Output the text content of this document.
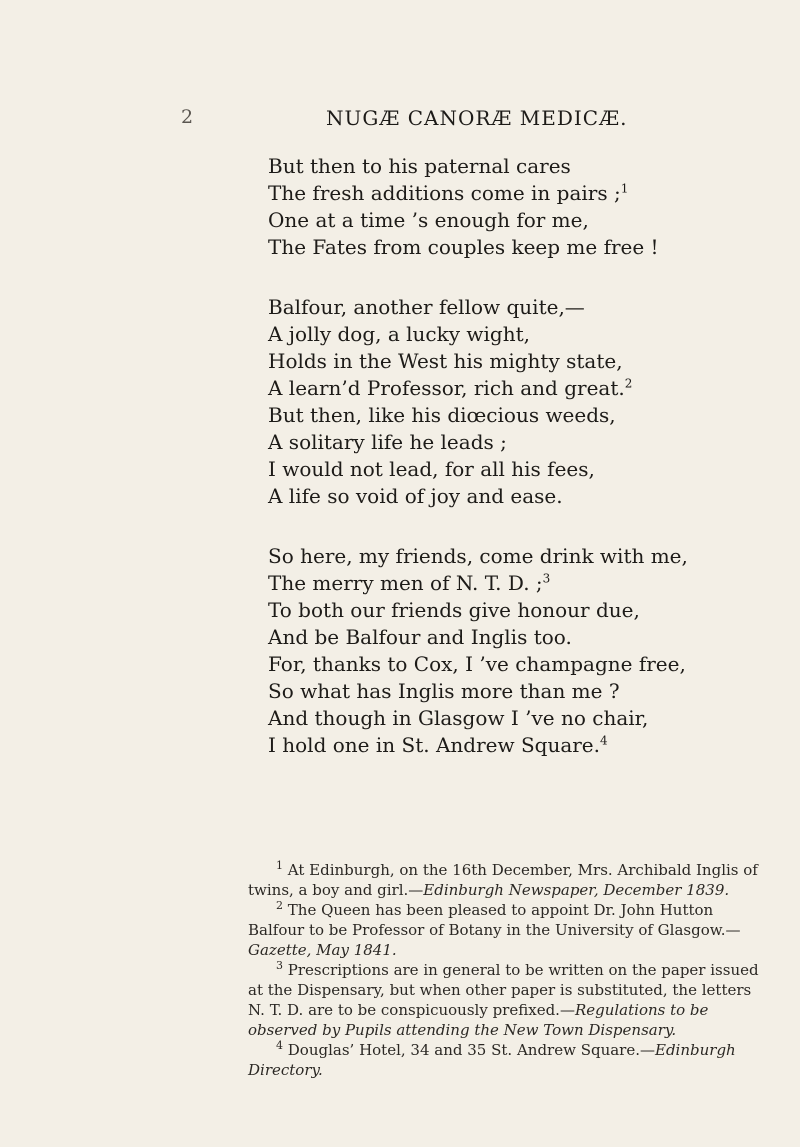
2	NUGÆ CANORÆ MEDICÆ.
But then to his paternal cares
The fresh additions come in pairs ;$^1$
One at a time ’s enough for me,
The Fates from couples keep me free !
Balfour, another fellow quite,—
A jolly dog, a lucky wight,
Holds in the West his mighty state,
A learn’d Professor, rich and great.$^2$
But then, like his diœcious weeds,
A solitary life he leads ;
I would not lead, for all his fees,
A life so void of joy and ease.
So here, my friends, come drink with me,
The merry men of N. T. D. ;$^3$
To both our friends give honour due,
And be Balfour and Inglis too.
For, thanks to Cox, I ’ve champagne free,
So what has Inglis more than me ?
And though in Glasgow I ’ve no chair,
I hold one in St. Andrew Square.$^4$

$^1$ At Edinburgh, on the 16th December, Mrs. Archibald Inglis of twins, a boy and girl.—Edinburgh Newspaper, December 1839.

$^2$ The Queen has been pleased to appoint Dr. John Hutton Balfour to be Professor of Botany in the University of Glasgow.—Gazette, May 1841.

$^3$ Prescriptions are in general to be written on the paper issued at the Dispensary, but when other paper is substituted, the letters N. T. D. are to be conspicuously prefixed.—Regulations to be observed by Pupils attending the New Town Dispensary.

$^4$ Douglas’ Hotel, 34 and 35 St. Andrew Square.—Edinburgh Directory.
